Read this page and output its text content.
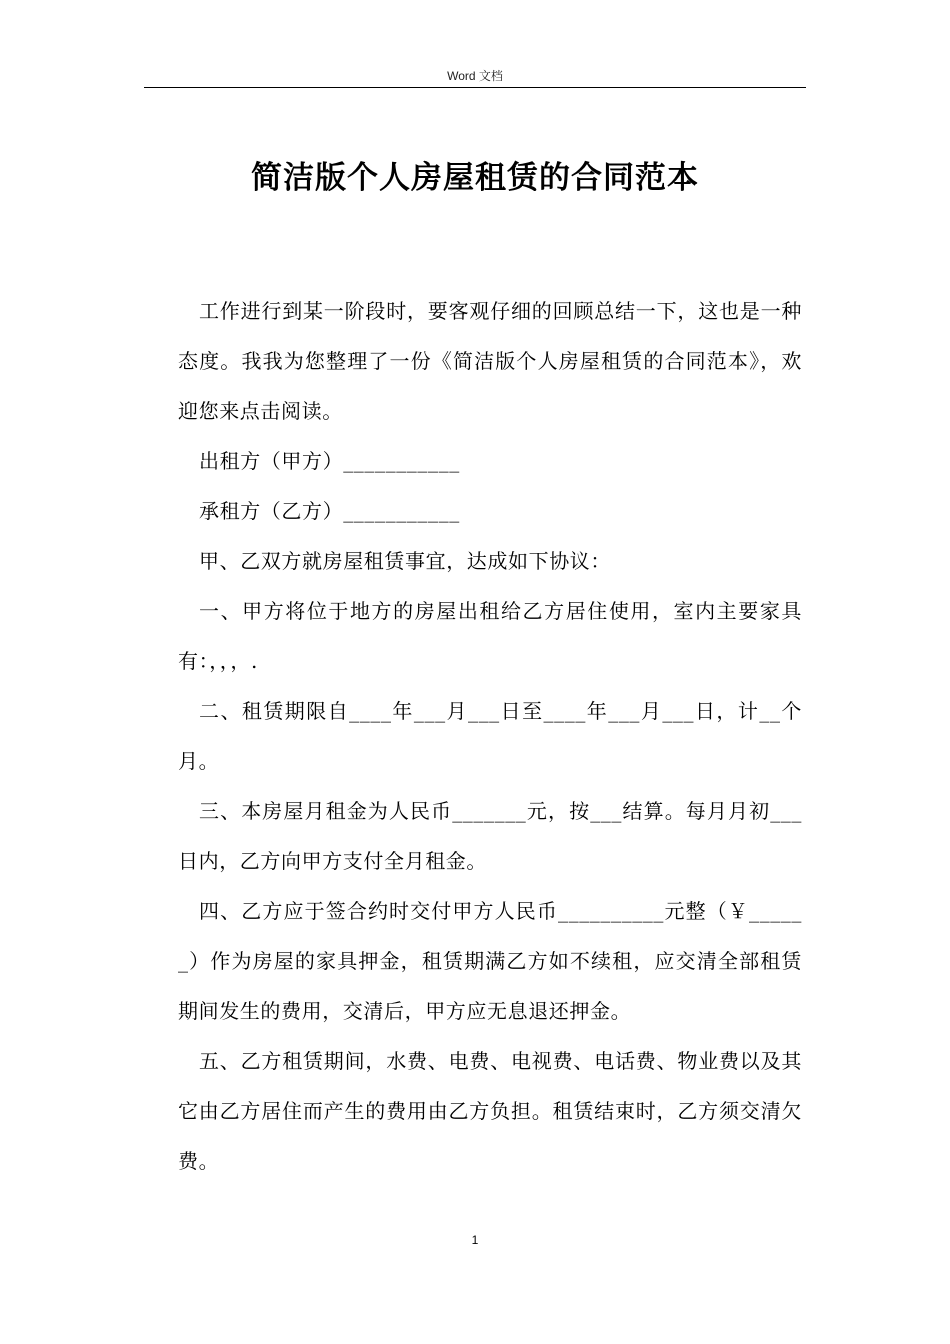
Word 文档
简洁版个人房屋租赁的合同范本

工作进行到某一阶段时，要客观仔细的回顾总结一下，这也是一种态度。我我为您整理了一份《简洁版个人房屋租赁的合同范本》，欢迎您来点击阅读。

出租方（甲方）___________

承租方（乙方）___________

甲、乙双方就房屋租赁事宜，达成如下协议：

一、甲方将位于地方的房屋出租给乙方居住使用，室内主要家具有：，，，.

二、租赁期限自____年___月___日至____年___月___日，计__个月。

三、本房屋月租金为人民币_______元，按___结算。每月月初___日内，乙方向甲方支付全月租金。

四、乙方应于签合约时交付甲方人民币__________元整（￥______）作为房屋的家具押金，租赁期满乙方如不续租，应交清全部租赁期间发生的费用，交清后，甲方应无息退还押金。

五、乙方租赁期间，水费、电费、电视费、电话费、物业费以及其它由乙方居住而产生的费用由乙方负担。租赁结束时，乙方须交清欠费。

1
